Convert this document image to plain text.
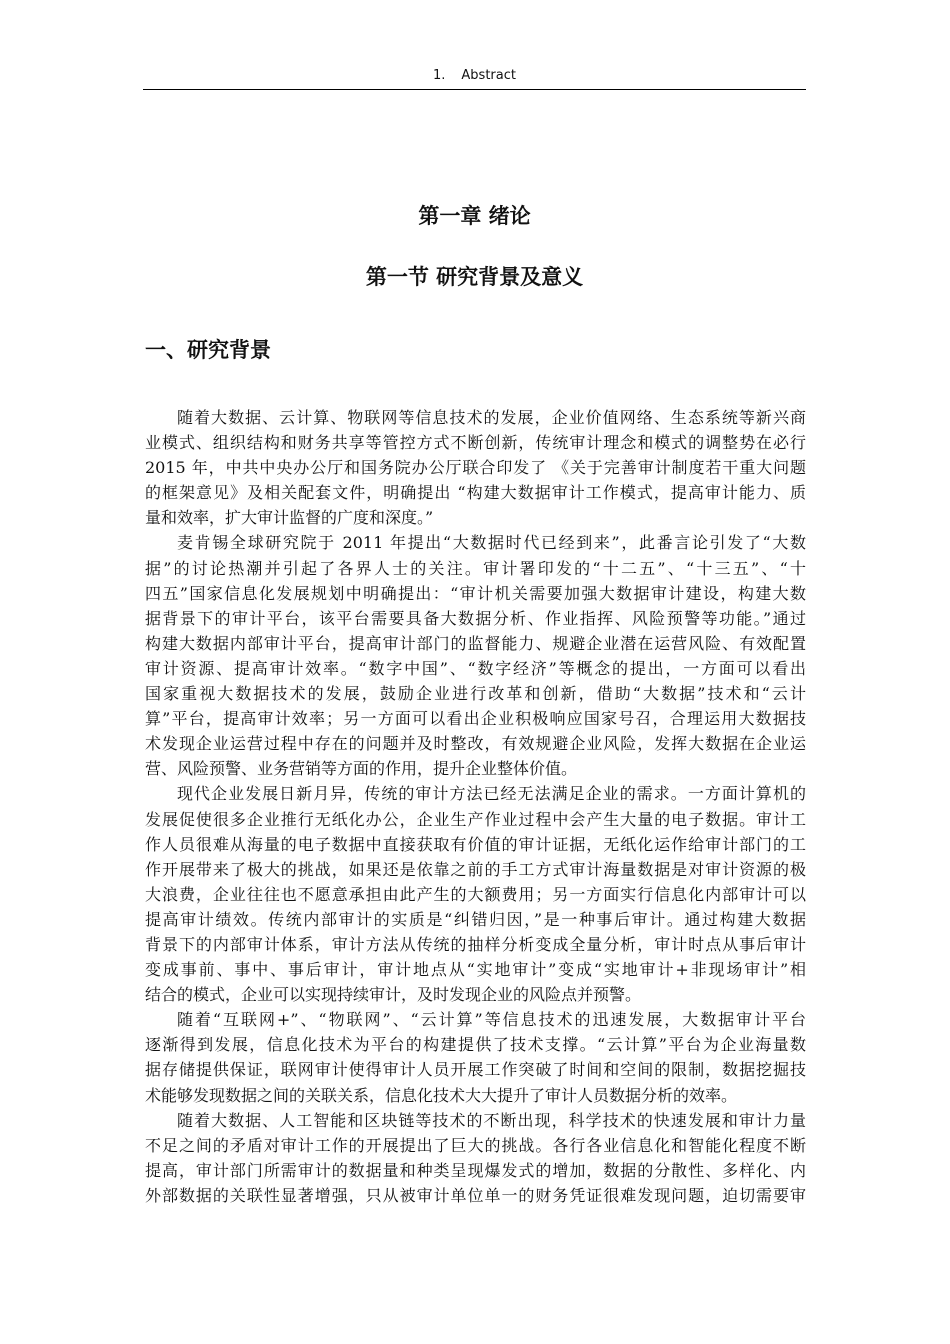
1. Abstract
第一章 绪论
第一节 研究背景及意义
一、研究背景
随着大数据、云计算、物联网等信息技术的发展，企业价值网络、生态系统等新兴商
业模式、组织结构和财务共享等管控方式不断创新，传统审计理念和模式的调整势在必行
2015 年，中共中央办公厅和国务院办公厅联合印发了 《关于完善审计制度若干重大问题
的框架意见》及相关配套文件，明确提出 “构建大数据审计工作模式，提高审计能力、质
量和效率，扩大审计监督的广度和深度。”
麦肯锡全球研究院于 2011 年提出“大数据时代已经到来”，此番言论引发了“大数
据”的讨论热潮并引起了各界人士的关注。审计署印发的“十二五”、“十三五”、“十
四五”国家信息化发展规划中明确提出：“审计机关需要加强大数据审计建设，构建大数
据背景下的审计平台，该平台需要具备大数据分析、作业指挥、风险预警等功能。”通过
构建大数据内部审计平台，提高审计部门的监督能力、规避企业潜在运营风险、有效配置
审计资源、提高审计效率。“数字中国”、“数字经济”等概念的提出，一方面可以看出
国家重视大数据技术的发展，鼓励企业进行改革和创新，借助“大数据”技术和“云计
算”平台，提高审计效率；另一方面可以看出企业积极响应国家号召，合理运用大数据技
术发现企业运营过程中存在的问题并及时整改，有效规避企业风险，发挥大数据在企业运
营、风险预警、业务营销等方面的作用，提升企业整体价值。
现代企业发展日新月异，传统的审计方法已经无法满足企业的需求。一方面计算机的
发展促使很多企业推行无纸化办公，企业生产作业过程中会产生大量的电子数据。审计工
作人员很难从海量的电子数据中直接获取有价值的审计证据，无纸化运作给审计部门的工
作开展带来了极大的挑战，如果还是依靠之前的手工方式审计海量数据是对审计资源的极
大浪费，企业往往也不愿意承担由此产生的大额费用；另一方面实行信息化内部审计可以
提高审计绩效。传统内部审计的实质是“纠错归因，”是一种事后审计。通过构建大数据
背景下的内部审计体系，审计方法从传统的抽样分析变成全量分析，审计时点从事后审计
变成事前、事中、事后审计，审计地点从“实地审计”变成“实地审计+非现场审计”相
结合的模式，企业可以实现持续审计，及时发现企业的风险点并预警。
随着“互联网+”、“物联网”、“云计算”等信息技术的迅速发展，大数据审计平台
逐渐得到发展，信息化技术为平台的构建提供了技术支撑。“云计算”平台为企业海量数
据存储提供保证，联网审计使得审计人员开展工作突破了时间和空间的限制，数据挖掘技
术能够发现数据之间的关联关系，信息化技术大大提升了审计人员数据分析的效率。
随着大数据、人工智能和区块链等技术的不断出现，科学技术的快速发展和审计力量
不足之间的矛盾对审计工作的开展提出了巨大的挑战。各行各业信息化和智能化程度不断
提高，审计部门所需审计的数据量和种类呈现爆发式的增加，数据的分散性、多样化、内
外部数据的关联性显著增强，只从被审计单位单一的财务凭证很难发现问题，迫切需要审
